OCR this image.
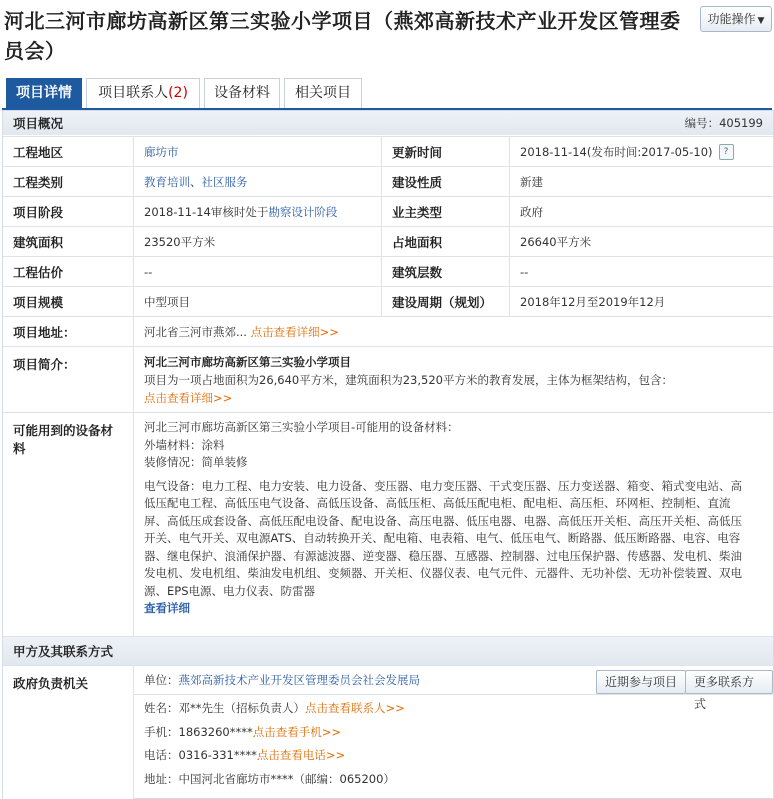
河北三河市廊坊高新区第三实验小学项目（燕郊高新技术产业开发区管理委员会）
功能操作 ▼
项目详情	项目联系人(2)	设备材料	相关项目
项目概况	编号：405199
工程地区	廊坊市	更新时间	2018-11-14(发布时间:2017-05-10)	?
工程类别	教育培训 、 社区服务	建设性质	新建
项目阶段	2018-11-14审核时处于 勘察设计阶段	业主类型	政府
建筑面积	23520平方米	占地面积	26640平方米
工程估价	--	建筑层数	--
项目规模	中型项目	建设周期（规划）	2018年12月至2019年12月
项目地址：	河北省三河市燕郊...
点击查看详细>>
项目简介：	河北三河市廊坊高新区第三实验小学项目
项目为一项占地面积为26,640平方米，建筑面积为23,520平方米的教育发展，主体为框架结构，包含：
点击查看详细>>
可能用到的设备材料
河北三河市廊坊高新区第三实验小学项目-可能用的设备材料：
外墙材料：涂料
装修情况：简单装修
电气设备：电力工程、电力安装、电力设备、变压器、电力变压器、干式变压器、压力变送器、箱变、箱式变电站、高
低压配电工程、高低压电气设备、高低压设备、高低压柜、高低压配电柜、配电柜、高压柜、环网柜、控制柜、直流
屏、高低压成套设备、高低压配电设备、配电设备、高压电器、低压电器、电器、高低压开关柜、高压开关柜、高低压
开关、电气开关、双电源ATS、自动转换开关、配电箱、电表箱、电气、低压电气、断路器、低压断路器、电容、电容
器、继电保护、浪涌保护器、有源滤波器、逆变器、稳压器、互感器、控制器、过电压保护器、传感器、发电机、柴油
发电机、发电机组、柴油发电机组、变频器、开关柜、仪器仪表、电气元件、元器件、无功补偿、无功补偿装置、双电
源、EPS电源、电力仪表、防雷器
查看详细
甲方及其联系方式
政府负责机关	单位：燕郊高新技术产业开发区管理委员会社会发展局	近期参与项目	更多联系方式
姓名：邓**先生（招标负责人）点击查看联系人>>
手机：1863260****点击查看手机>>
电话：0316-331****点击查看电话>>
地址：中国河北省廊坊市****（邮编：065200）
